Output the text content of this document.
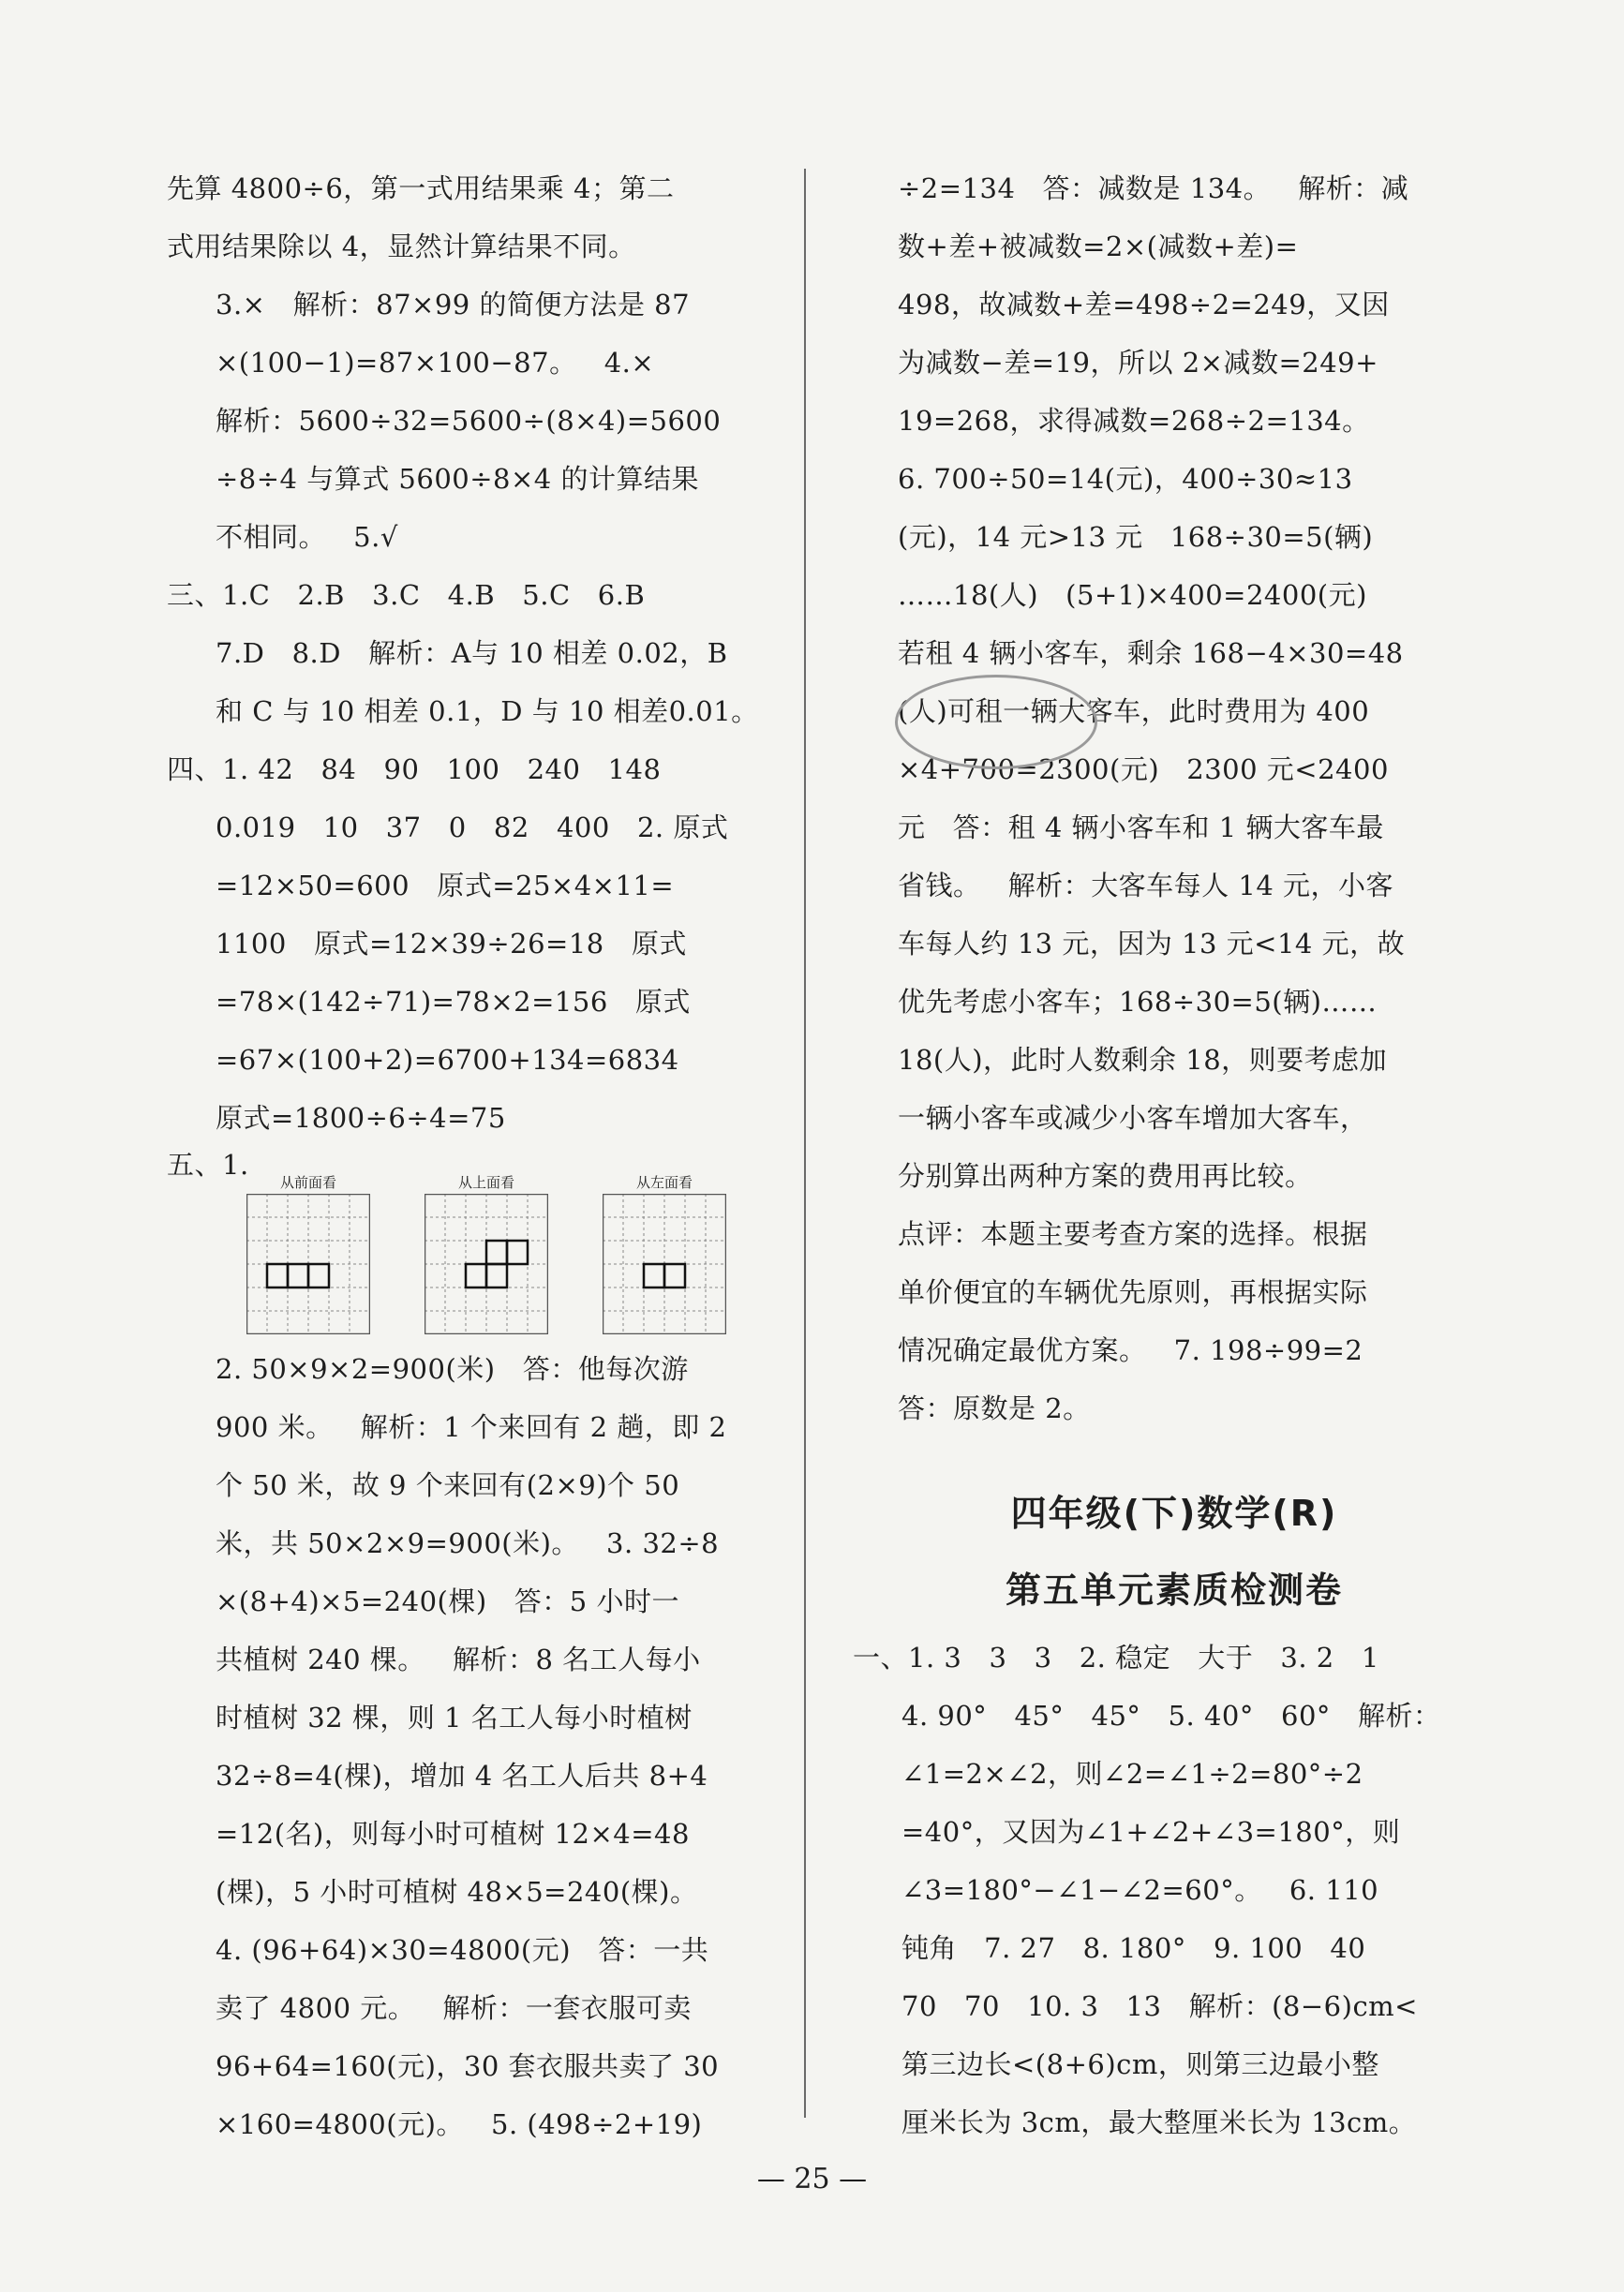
先算 4800÷6，第一式用结果乘 4；第二
式用结果除以 4，显然计算结果不同。
3.×   解析：87×99 的简便方法是 87
×(100−1)=87×100−87。   4.×
解析：5600÷32=5600÷(8×4)=5600
÷8÷4 与算式 5600÷8×4 的计算结果
不相同。   5.√
三、1.C   2.B   3.C   4.B   5.C   6.B
7.D   8.D   解析：A与 10 相差 0.02，B
和 C 与 10 相差 0.1，D 与 10 相差0.01。
四、1. 42   84   90   100   240   148
0.019   10   37   0   82   400   2. 原式
=12×50=600   原式=25×4×11=
1100   原式=12×39÷26=18   原式
=78×(142÷71)=78×2=156   原式
=67×(100+2)=6700+134=6834
原式=1800÷6÷4=75
五、1.
从前面看	从上面看	从左面看
2. 50×9×2=900(米)   答：他每次游
900 米。   解析：1 个来回有 2 趟，即 2
个 50 米，故 9 个来回有(2×9)个 50
米，共 50×2×9=900(米)。   3. 32÷8
×(8+4)×5=240(棵)   答：5 小时一
共植树 240 棵。   解析：8 名工人每小
时植树 32 棵，则 1 名工人每小时植树
32÷8=4(棵)，增加 4 名工人后共 8+4
=12(名)，则每小时可植树 12×4=48
(棵)，5 小时可植树 48×5=240(棵)。
4. (96+64)×30=4800(元)   答：一共
卖了 4800 元。   解析：一套衣服可卖
96+64=160(元)，30 套衣服共卖了 30
×160=4800(元)。   5. (498÷2+19)
÷2=134   答：减数是 134。   解析：减
数+差+被减数=2×(减数+差)=
498，故减数+差=498÷2=249，又因
为减数−差=19，所以 2×减数=249+
19=268，求得减数=268÷2=134。
6. 700÷50=14(元)，400÷30≈13
(元)，14 元>13 元   168÷30=5(辆)
……18(人)   (5+1)×400=2400(元)
若租 4 辆小客车，剩余 168−4×30=48
(人)可租一辆大客车，此时费用为 400
×4+700=2300(元)   2300 元<2400
元   答：租 4 辆小客车和 1 辆大客车最
省钱。   解析：大客车每人 14 元，小客
车每人约 13 元，因为 13 元<14 元，故
优先考虑小客车；168÷30=5(辆)……
18(人)，此时人数剩余 18，则要考虑加
一辆小客车或减少小客车增加大客车，
分别算出两种方案的费用再比较。
点评：本题主要考查方案的选择。根据
单价便宜的车辆优先原则，再根据实际
情况确定最优方案。   7. 198÷99=2
答：原数是 2。
四年级(下)数学(R)
第五单元素质检测卷
一、1. 3   3   3   2. 稳定   大于   3. 2   1
4. 90°   45°   45°   5. 40°   60°   解析：
∠1=2×∠2，则∠2=∠1÷2=80°÷2
=40°，又因为∠1+∠2+∠3=180°，则
∠3=180°−∠1−∠2=60°。   6. 110
钝角   7. 27   8. 180°   9. 100   40
70   70   10. 3   13   解析：(8−6)cm<
第三边长<(8+6)cm，则第三边最小整
厘米长为 3cm，最大整厘米长为 13cm。
— 25 —
